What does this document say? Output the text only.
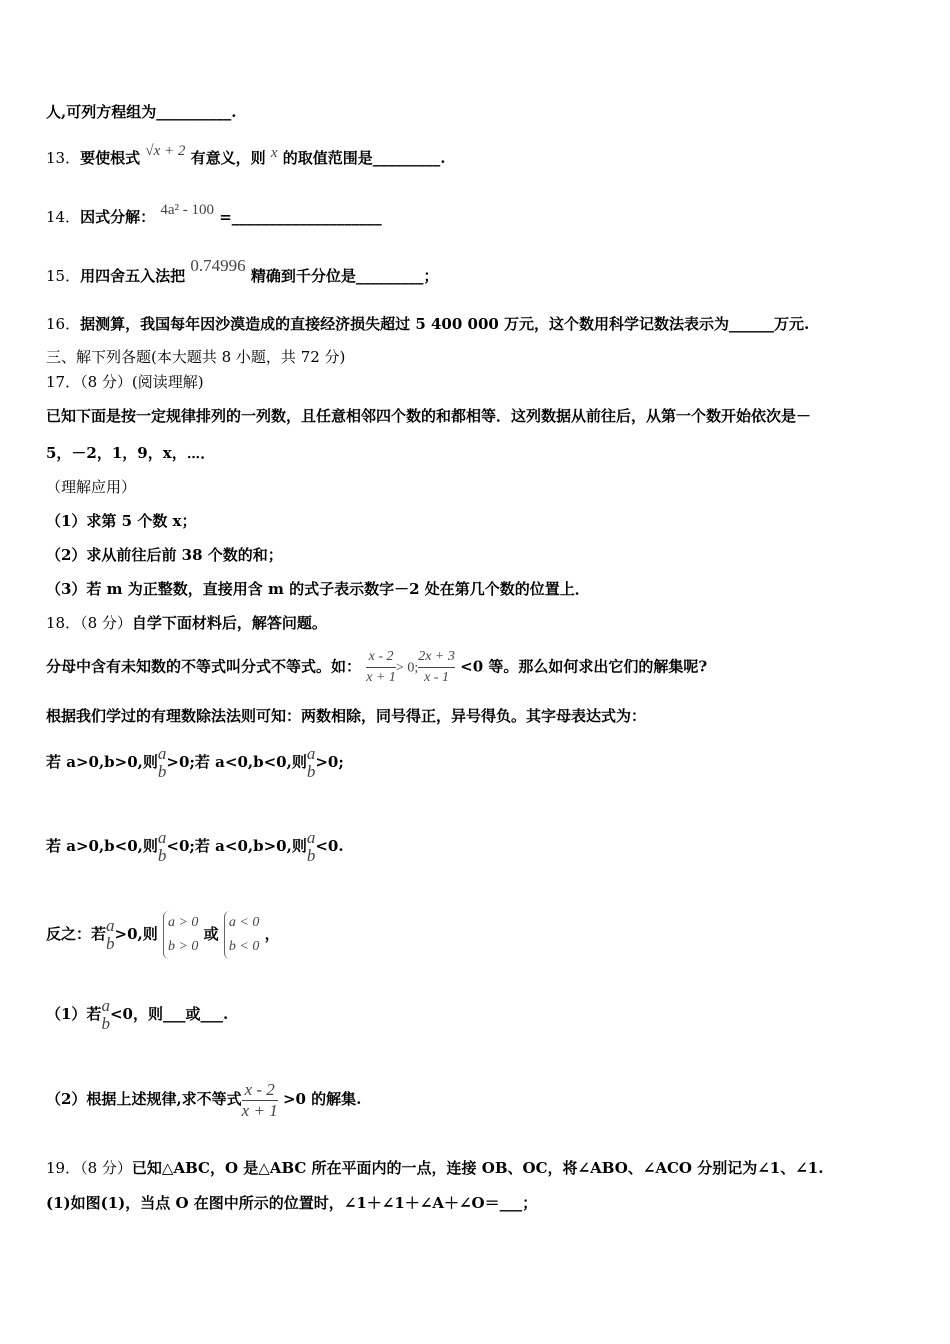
人,可列方程组为__________.
13．要使根式 √x + 2 有意义，则 x 的取值范围是_________.
14．因式分解： 4a² - 100 =____________________
15．用四舍五入法把 0.74996 精确到千分位是_________；
16．据测算，我国每年因沙漠造成的直接经济损失超过 5 400 000 万元，这个数用科学记数法表示为______万元.
三、解下列各题(本大题共 8 小题，共 72 分)
17．（8 分）(阅读理解)
已知下面是按一定规律排列的一列数，且任意相邻四个数的和都相等．这列数据从前往后，从第一个数开始依次是－
5，－2，1，9，x，⋯．
（理解应用）
（1）求第 5 个数 x；
（2）求从前往后前 38 个数的和；
（3）若 m 为正整数，直接用含 m 的式子表示数字－2 处在第几个数的位置上．
18．（8 分）自学下面材料后，解答问题。
分母中含有未知数的不等式叫分式不等式。如： $\frac{x - 2}{x + 1} > 0$; $\frac{2x + 3}{x - 1} <0$ 等。那么如何求出它们的解集呢?
根据我们学过的有理数除法法则可知：两数相除，同号得正，异号得负。其字母表达式为：
若 a>0,b>0,则 a
b >0;若 a<0,b<0,则 a
b >0;
若 a>0,b<0,则 a
b <0;若 a<0,b>0,则 a
b <0.
反之：若 a
b >0,则
a > 0
b > 0
或
a < 0
b < 0
，
（1）若 a
b <0，则___或___.
（2）根据上述规律,求不等式 $\frac{x - 2}{x + 1} >0$ 的解集.
19．（8 分）已知△ABC，O 是△ABC 所在平面内的一点，连接 OB、OC，将∠ABO、∠ACO 分别记为∠1、∠1.
(1)如图(1)，当点 O 在图中所示的位置时，∠1＋∠1＋∠A＋∠O＝___；
